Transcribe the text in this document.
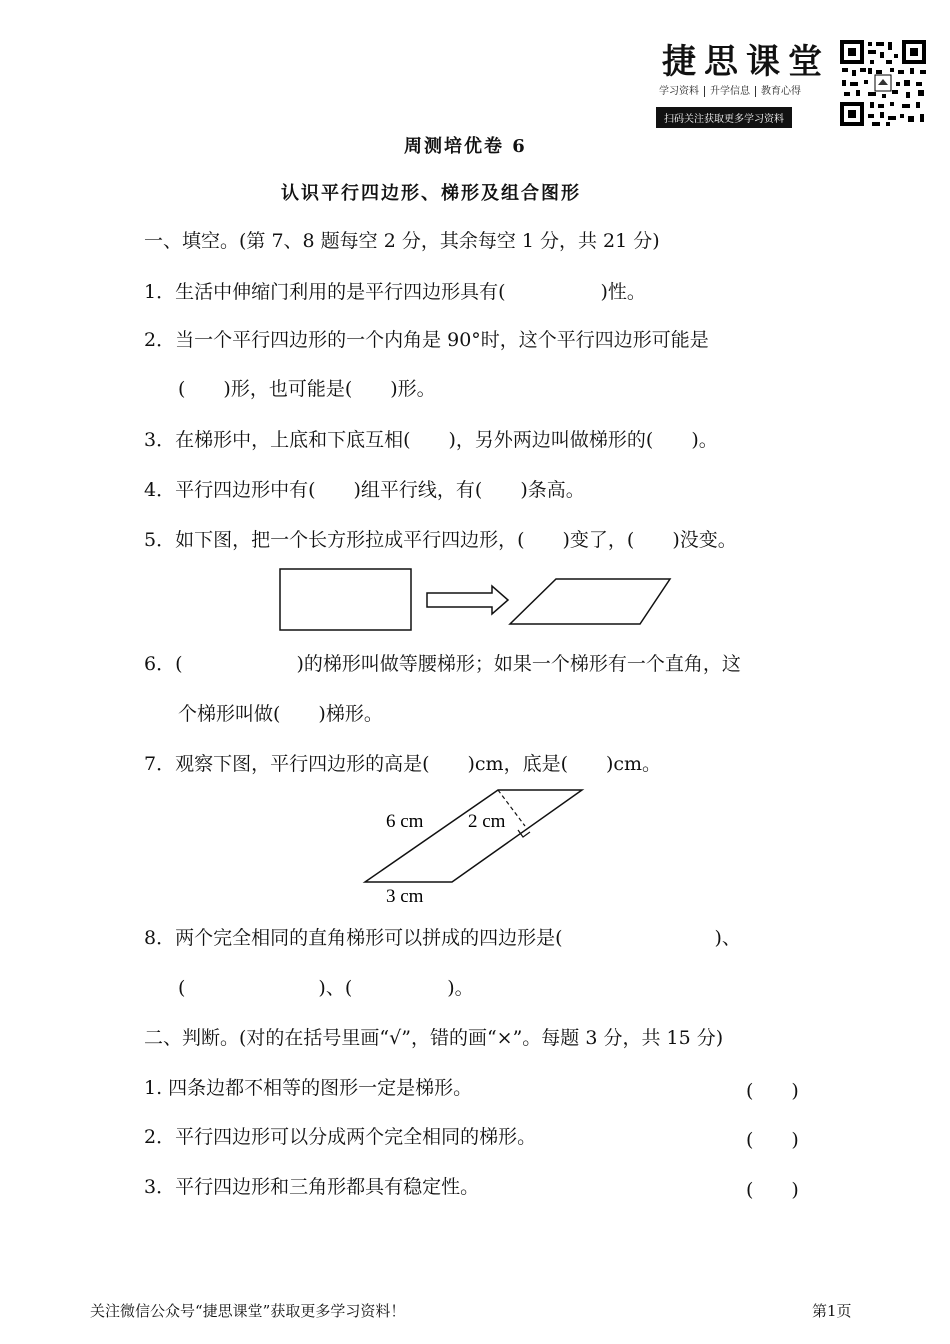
捷思课堂
学习资料 升学信息 教育心得
扫码关注获取更多学习资料
周测培优卷 6
认识平行四边形、梯形及组合图形
一、填空。(第 7、8 题每空 2 分，其余每空 1 分，共 21 分)
1．生活中伸缩门利用的是平行四边形具有(　　　　　)性。
2．当一个平行四边形的一个内角是 90°时，这个平行四边形可能是
(　　)形，也可能是(　　)形。
3．在梯形中，上底和下底互相(　　)，另外两边叫做梯形的(　　)。
4．平行四边形中有(　　)组平行线，有(　　)条高。
5．如下图，把一个长方形拉成平行四边形，(　　)变了，(　　)没变。
6．(　　　　　　)的梯形叫做等腰梯形；如果一个梯形有一个直角，这
个梯形叫做(　　)梯形。
7．观察下图，平行四边形的高是(　　)cm，底是(　　)cm。
6 cm 2 cm
3 cm
8．两个完全相同的直角梯形可以拼成的四边形是(　　　　　　　　)、
(　　　　　　　)、(　　　　　)。
二、判断。(对的在括号里画“√”，错的画“×”。每题 3 分，共 15 分)
1. 四条边都不相等的图形一定是梯形。	(　　)
2．平行四边形可以分成两个完全相同的梯形。	(　　)
3．平行四边形和三角形都具有稳定性。	(　　)
关注微信公众号“捷思课堂”获取更多学习资料！	第1页
